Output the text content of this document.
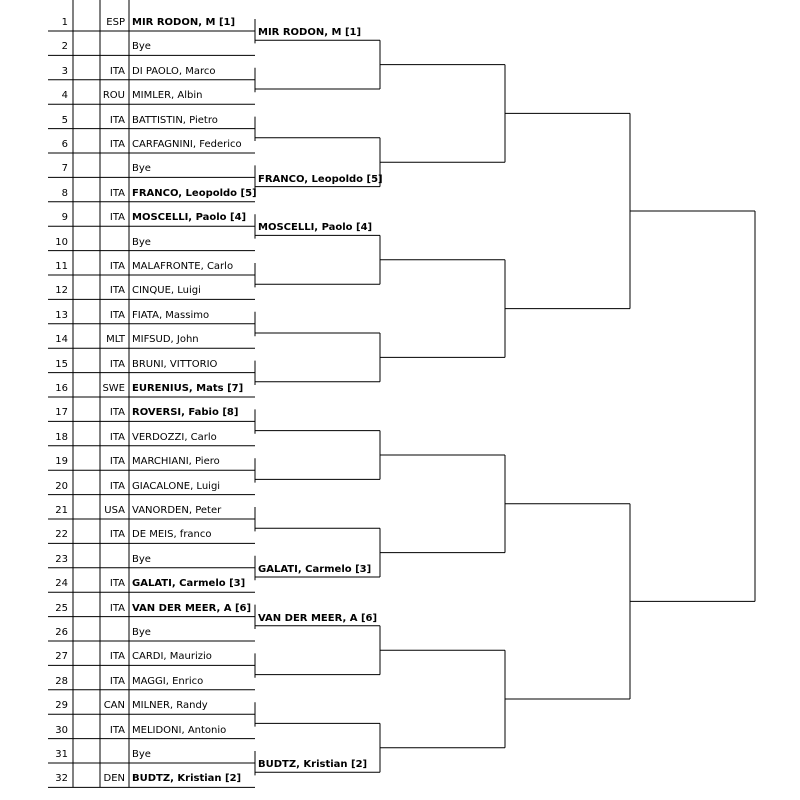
1	ESP MIR RODON, M [1]
2	Bye
3	ITA DI PAOLO, Marco
4	ROU MIMLER, Albin
5	ITA BATTISTIN, Pietro
6	ITA CARFAGNINI, Federico
7	Bye
8	ITA FRANCO, Leopoldo [5]
9	ITA MOSCELLI, Paolo [4]
10	Bye
11	ITA MALAFRONTE, Carlo
12	ITA CINQUE, Luigi
13	ITA FIATA, Massimo
14	MLT MIFSUD, John
15	ITA BRUNI, VITTORIO
16	SWE EURENIUS, Mats [7]
17	ITA ROVERSI, Fabio [8]
18	ITA VERDOZZI, Carlo
19	ITA MARCHIANI, Piero
20	ITA GIACALONE, Luigi
21	USA VANORDEN, Peter
22	ITA DE MEIS, franco
23	Bye
24	ITA GALATI, Carmelo [3]
25	ITA VAN DER MEER, A [6]
26	Bye
27	ITA CARDI, Maurizio
28	ITA MAGGI, Enrico
29	CAN MILNER, Randy
30	ITA MELIDONI, Antonio
31	Bye
32	DEN BUDTZ, Kristian [2]
MIR RODON, M [1]
FRANCO, Leopoldo [5]
MOSCELLI, Paolo [4]
GALATI, Carmelo [3]
VAN DER MEER, A [6]
BUDTZ, Kristian [2]
